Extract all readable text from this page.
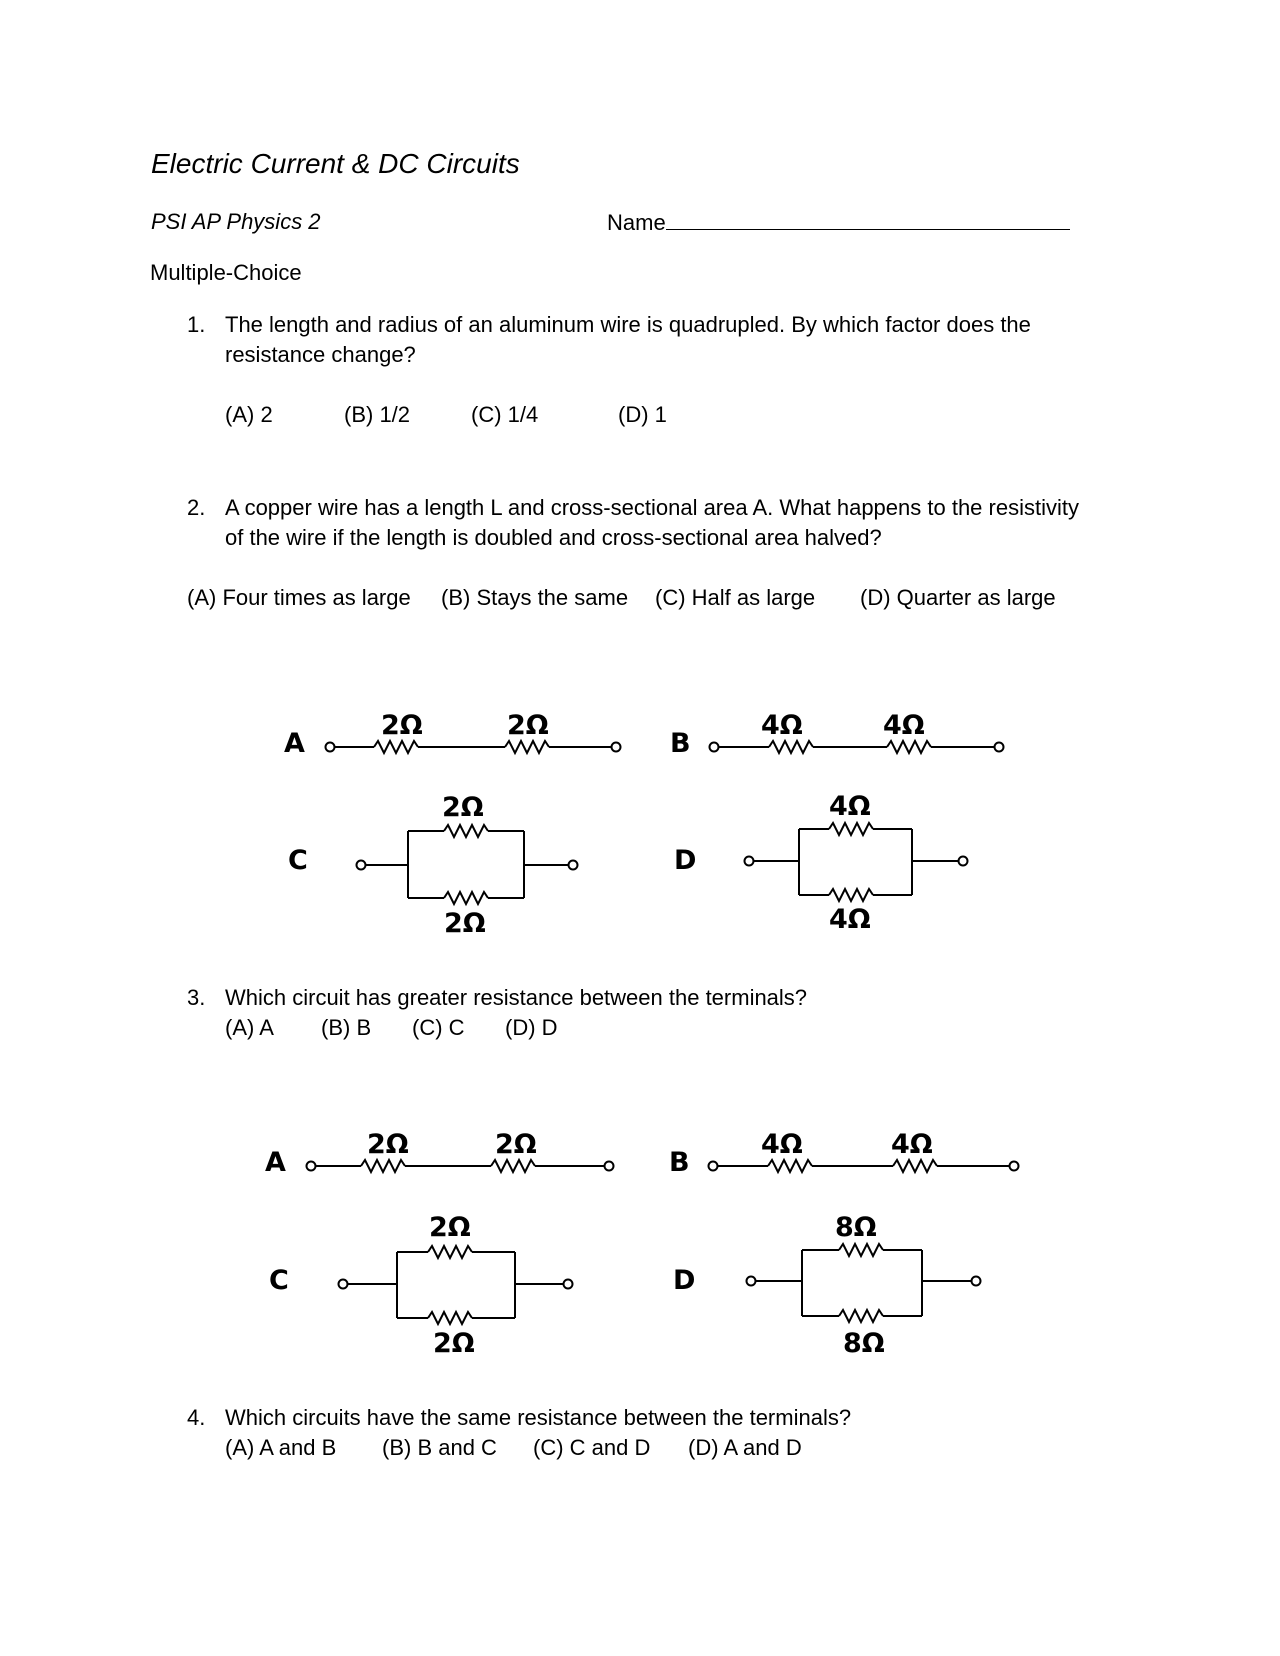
Electric Current & DC Circuits
PSI AP Physics 2	Name
Multiple-Choice
1. The length and radius of an aluminum wire is quadrupled. By which factor does the
resistance change?
(A) 2	(B) 1/2	(C) 1/4	(D) 1
2. A copper wire has a length L and cross-sectional area A. What happens to the resistivity
of the wire if the length is doubled and cross-sectional area halved?
(A) Four times as large (B) Stays the same (C) Half as large (D) Quarter as large
A
2Ω	2Ω
B
4Ω	4Ω
C
2Ω
2Ω
D
4Ω
4Ω
3. Which circuit has greater resistance between the terminals?
(A) A (B) B (C) C (D) D
A
2Ω	2Ω
B
4Ω	4Ω
C
2Ω
2Ω
D
8Ω
8Ω
4. Which circuits have the same resistance between the terminals?
(A) A and B (B) B and C (C) C and D (D) A and D
